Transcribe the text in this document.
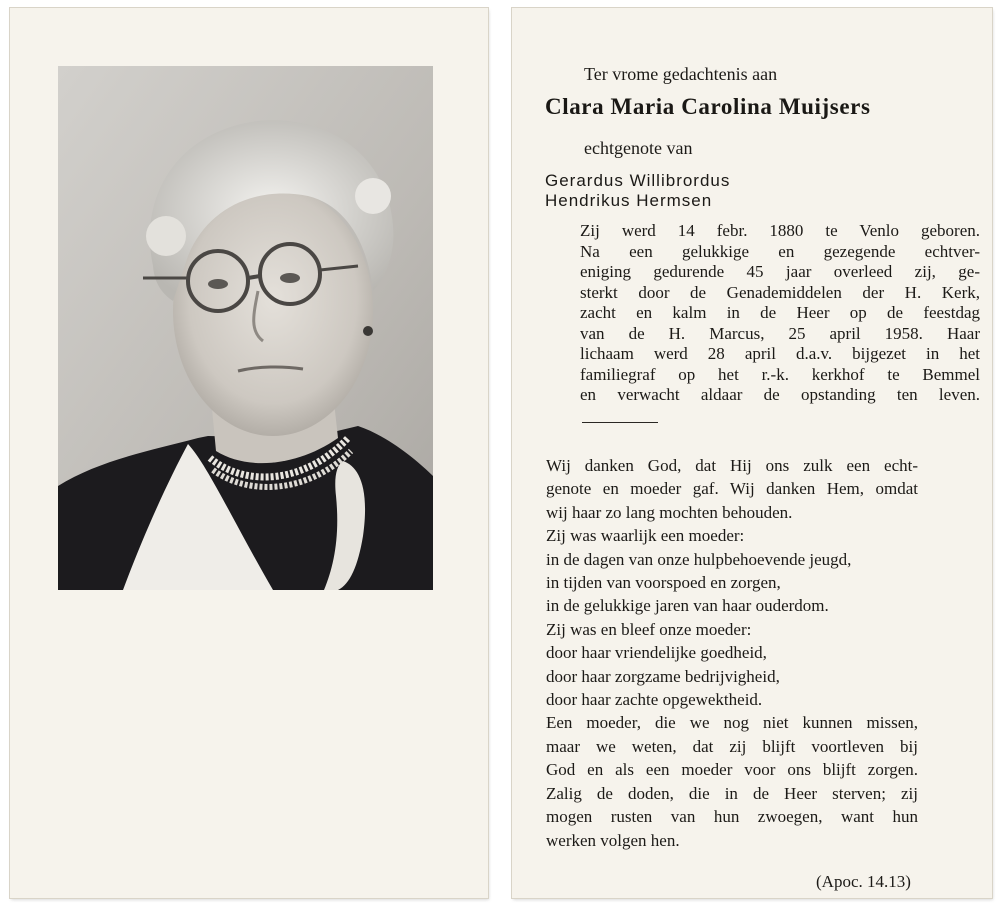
Ter vrome gedachtenis aan
Clara Maria Carolina Muijsers
echtgenote van
Gerardus Willibrordus
Hendrikus Hermsen
Zij werd 14 febr. 1880 te Venlo geboren.
Na een gelukkige en gezegende echtver-
eniging gedurende 45 jaar overleed zij, ge-
sterkt door de Genademiddelen der H. Kerk,
zacht en kalm in de Heer op de feestdag
van de H. Marcus, 25 april 1958. Haar
lichaam werd 28 april d.a.v. bijgezet in het
familiegraf op het r.-k. kerkhof te Bemmel
en verwacht aldaar de opstanding ten leven.
Wij danken God, dat Hij ons zulk een echt-
genote en moeder gaf. Wij danken Hem, omdat
wij haar zo lang mochten behouden.
Zij was waarlijk een moeder:
in de dagen van onze hulpbehoevende jeugd,
in tijden van voorspoed en zorgen,
in de gelukkige jaren van haar ouderdom.
Zij was en bleef onze moeder:
door haar vriendelijke goedheid,
door haar zorgzame bedrijvigheid,
door haar zachte opgewektheid.
Een moeder, die we nog niet kunnen missen,
maar we weten, dat zij blijft voortleven bij
God en als een moeder voor ons blijft zorgen.
Zalig de doden, die in de Heer sterven; zij
mogen rusten van hun zwoegen, want hun
werken volgen hen.
(Apoc. 14.13)
